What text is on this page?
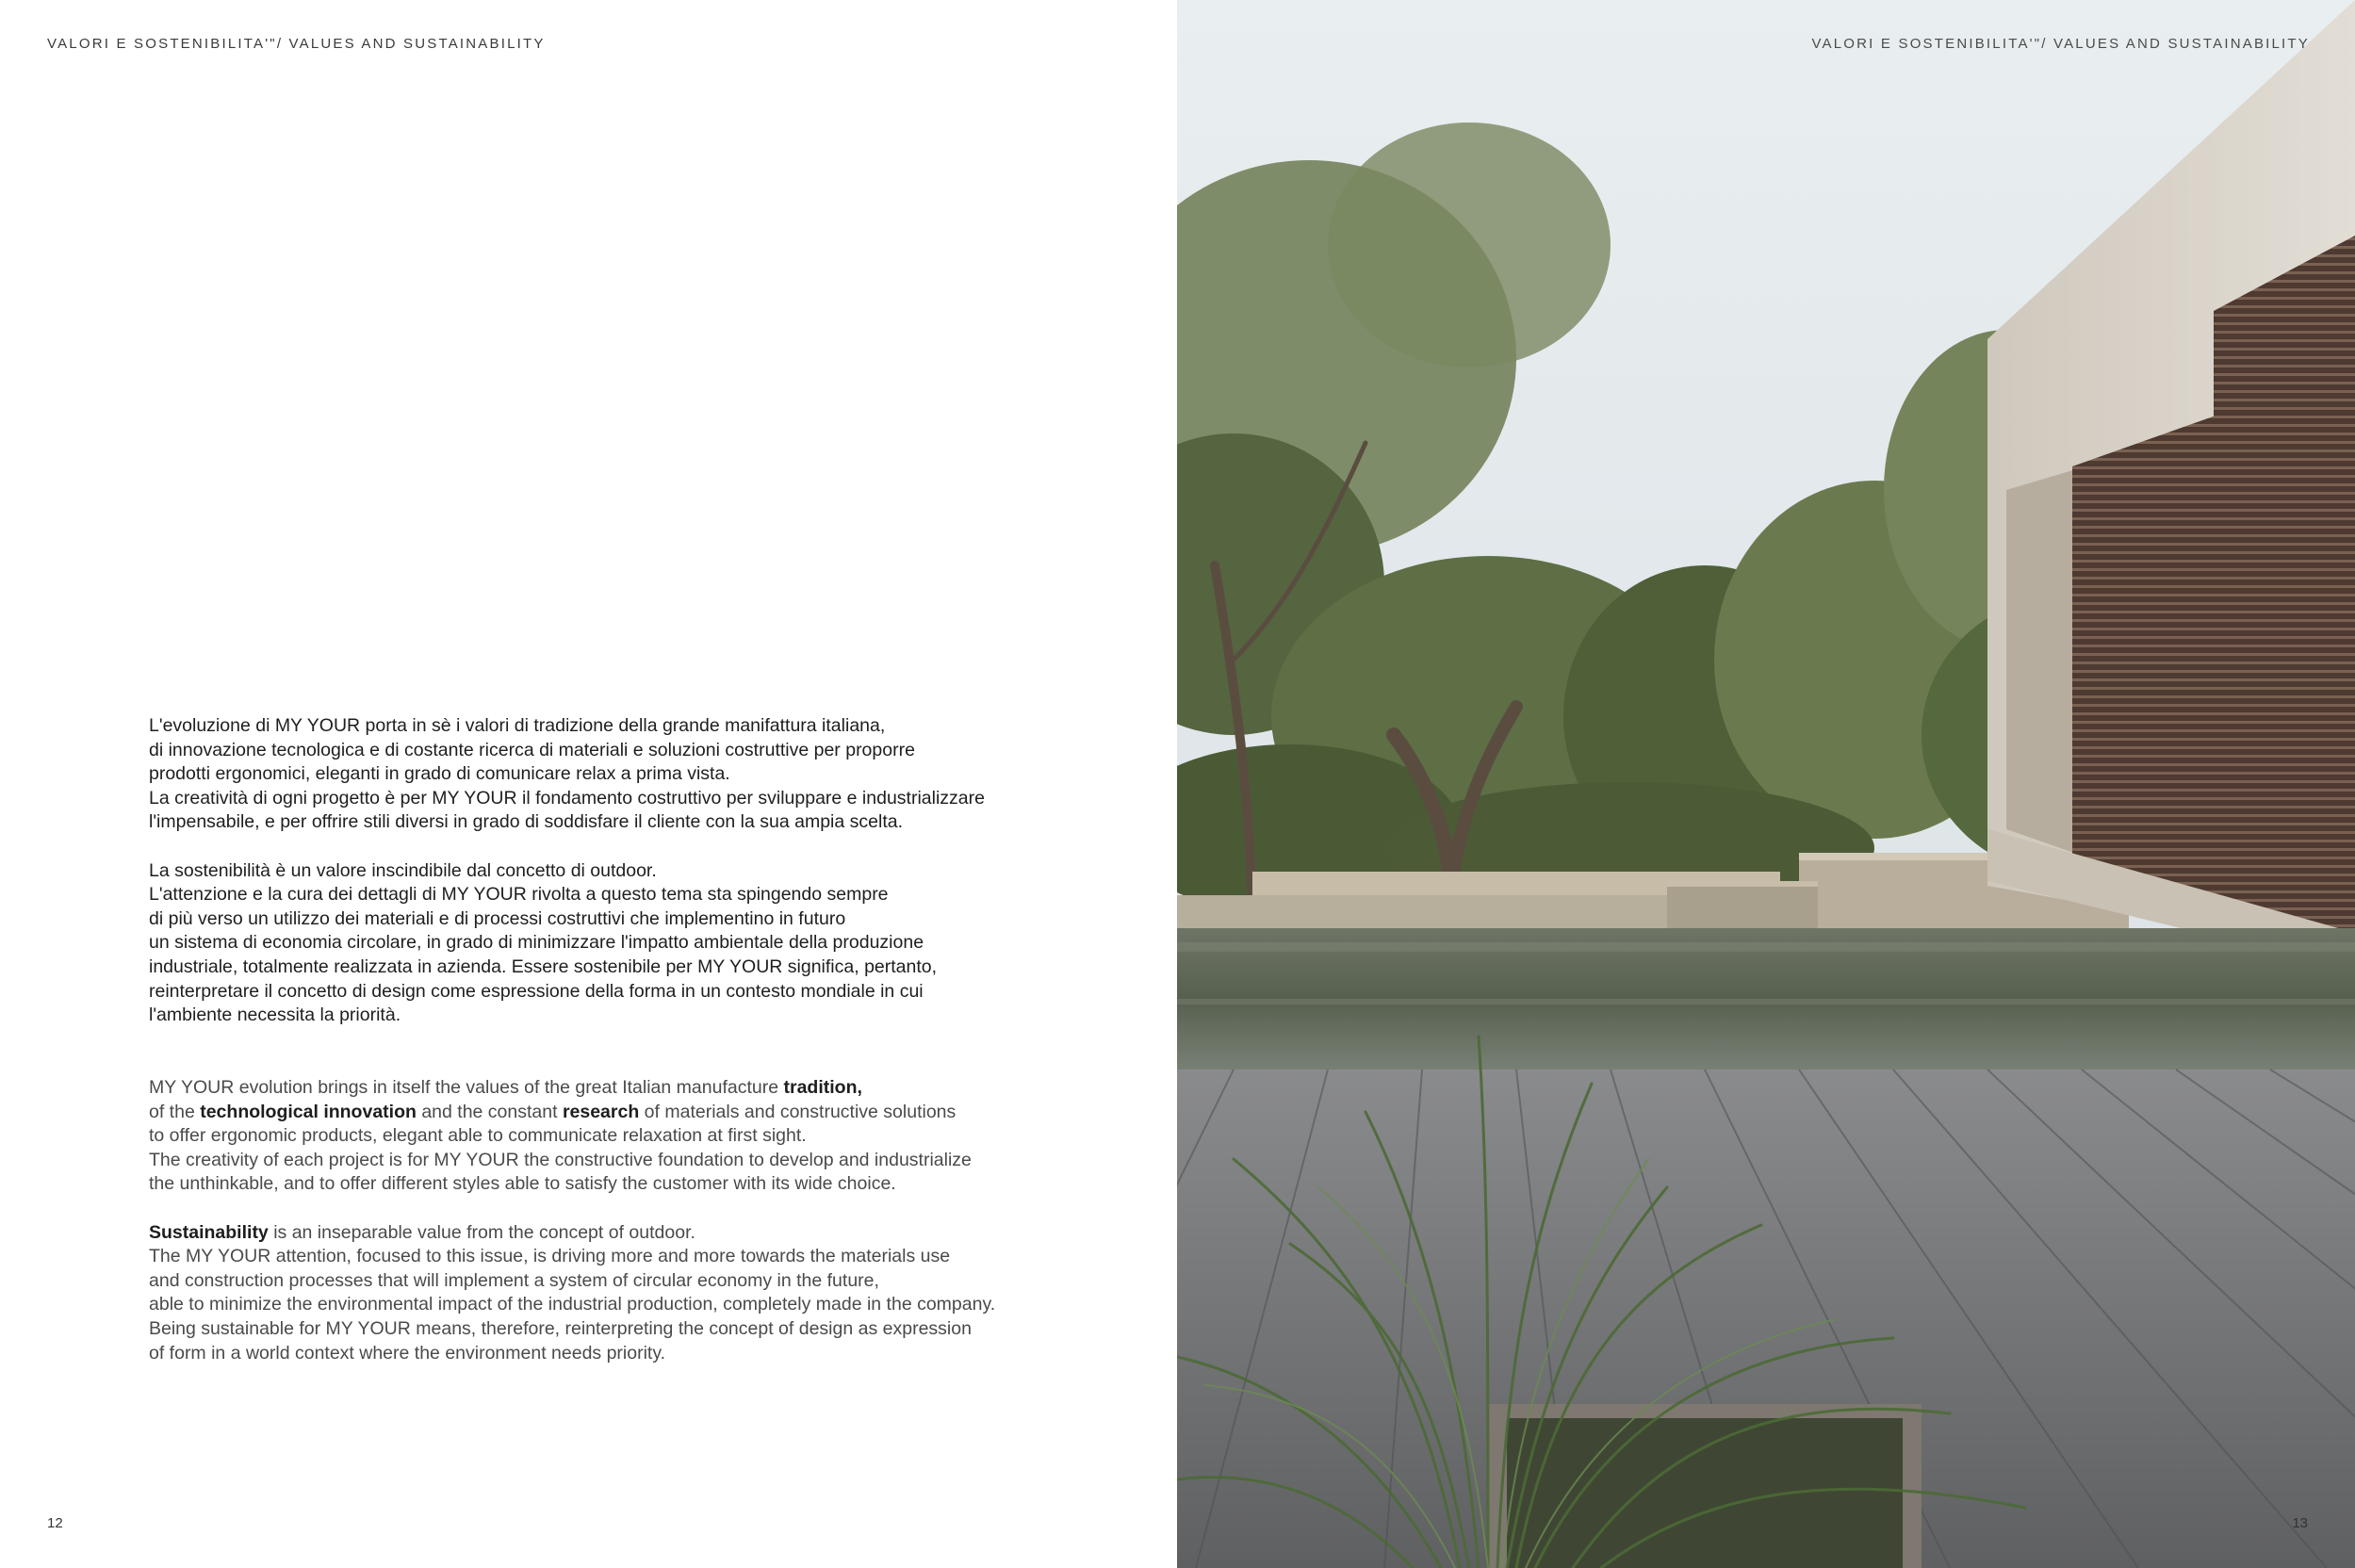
VALORI E SOSTENIBILITA'"/ VALUES AND SUSTAINABILITY

L'evoluzione di MY YOUR porta in sè i valori di tradizione della grande manifattura italiana,
di innovazione tecnologica e di costante ricerca di materiali e soluzioni costruttive per proporre
prodotti ergonomici, eleganti in grado di comunicare relax a prima vista.
La creatività di ogni progetto è per MY YOUR il fondamento costruttivo per sviluppare e industrializzare
l'impensabile, e per offrire stili diversi in grado di soddisfare il cliente con la sua ampia scelta.

La sostenibilità è un valore inscindibile dal concetto di outdoor.
L'attenzione e la cura dei dettagli di MY YOUR rivolta a questo tema sta spingendo sempre
di più verso un utilizzo dei materiali e di processi costruttivi che implementino in futuro
un sistema di economia circolare, in grado di minimizzare l'impatto ambientale della produzione
industriale, totalmente realizzata in azienda. Essere sostenibile per MY YOUR significa, pertanto,
reinterpretare il concetto di design come espressione della forma in un contesto mondiale in cui
l'ambiente necessita la priorità.

MY YOUR evolution brings in itself the values of the great Italian manufacture tradition,
of the technological innovation and the constant research of materials and constructive solutions
to offer ergonomic products, elegant able to communicate relaxation at first sight.
The creativity of each project is for MY YOUR the constructive foundation to develop and industrialize
the unthinkable, and to offer different styles able to satisfy the customer with its wide choice.

Sustainability is an inseparable value from the concept of outdoor.
The MY YOUR attention, focused to this issue, is driving more and more towards the materials use
and construction processes that will implement a system of circular economy in the future,
able to minimize the environmental impact of the industrial production, completely made in the company.
Being sustainable for MY YOUR means, therefore, reinterpreting the concept of design as expression
of form in a world context where the environment needs priority.

12
VALORI E SOSTENIBILITA'"/ VALUES AND SUSTAINABILITY
13
